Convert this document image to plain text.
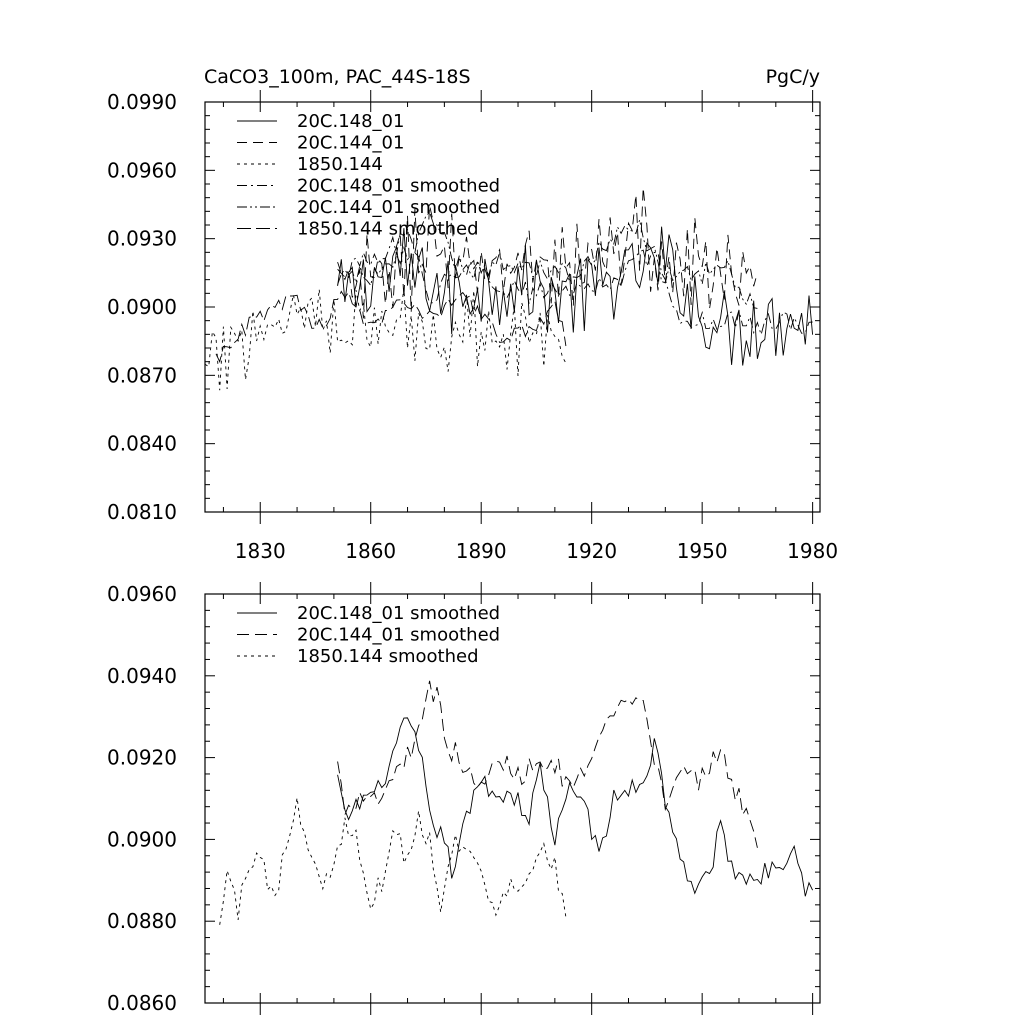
CaCO3_100m, PAC_44S-18S	PgC/y
0.0810
0.0840
0.0870
0.0900
0.0930
0.0960
0.0990
1830	1860	1890	1920	1950	1980
20C.148_01
20C.144_01
1850.144
20C.148_01 smoothed
20C.144_01 smoothed
1850.144 smoothed
0.0860
0.0880
0.0900
0.0920
0.0940
0.0960
20C.148_01 smoothed
20C.144_01 smoothed
1850.144 smoothed
